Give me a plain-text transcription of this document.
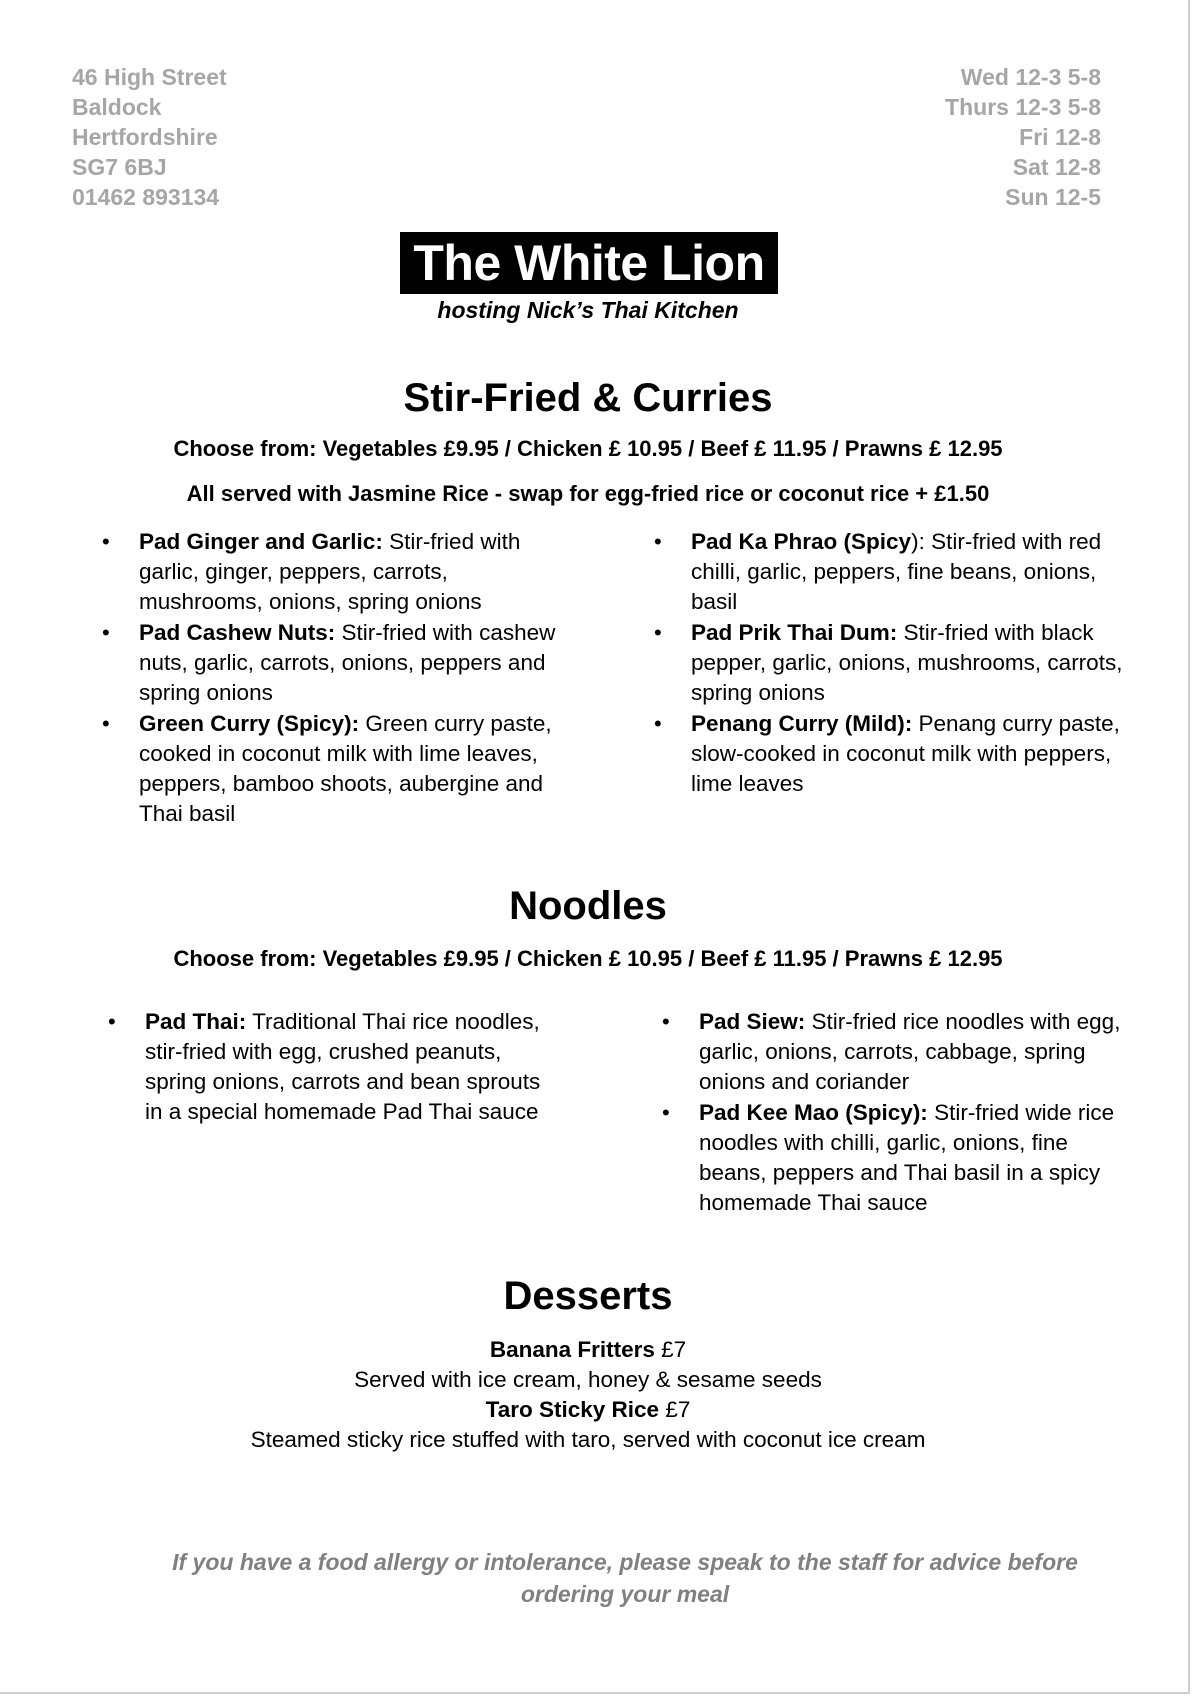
46 High Street
Baldock
Hertfordshire
SG7 6BJ
01462 893134
Wed 12-3 5-8
Thurs 12-3 5-8
Fri 12-8
Sat 12-8
Sun 12-5
The White Lion
hosting Nick’s Thai Kitchen
Stir-Fried & Curries
Choose from: Vegetables £9.95 / Chicken £ 10.95 / Beef £ 11.95 / Prawns £ 12.95
All served with Jasmine Rice - swap for egg-fried rice or coconut rice + £1.50
• Pad Ginger and Garlic: Stir-fried with garlic, ginger, peppers, carrots, mushrooms, onions, spring onions
• Pad Cashew Nuts: Stir-fried with cashew nuts, garlic, carrots, onions, peppers and spring onions
• Green Curry (Spicy): Green curry paste, cooked in coconut milk with lime leaves, peppers, bamboo shoots, aubergine and Thai basil
• Pad Ka Phrao (Spicy): Stir-fried with red chilli, garlic, peppers, fine beans, onions, basil
• Pad Prik Thai Dum: Stir-fried with black pepper, garlic, onions, mushrooms, carrots, spring onions
• Penang Curry (Mild): Penang curry paste, slow-cooked in coconut milk with peppers, lime leaves
Noodles
Choose from: Vegetables £9.95 / Chicken £ 10.95 / Beef £ 11.95 / Prawns £ 12.95
• Pad Thai: Traditional Thai rice noodles, stir-fried with egg, crushed peanuts, spring onions, carrots and bean sprouts in a special homemade Pad Thai sauce
• Pad Siew: Stir-fried rice noodles with egg, garlic, onions, carrots, cabbage, spring onions and coriander
• Pad Kee Mao (Spicy): Stir-fried wide rice noodles with chilli, garlic, onions, fine beans, peppers and Thai basil in a spicy homemade Thai sauce
Desserts
Banana Fritters £7
Served with ice cream, honey & sesame seeds
Taro Sticky Rice £7
Steamed sticky rice stuffed with taro, served with coconut ice cream
If you have a food allergy or intolerance, please speak to the staff for advice before ordering your meal
